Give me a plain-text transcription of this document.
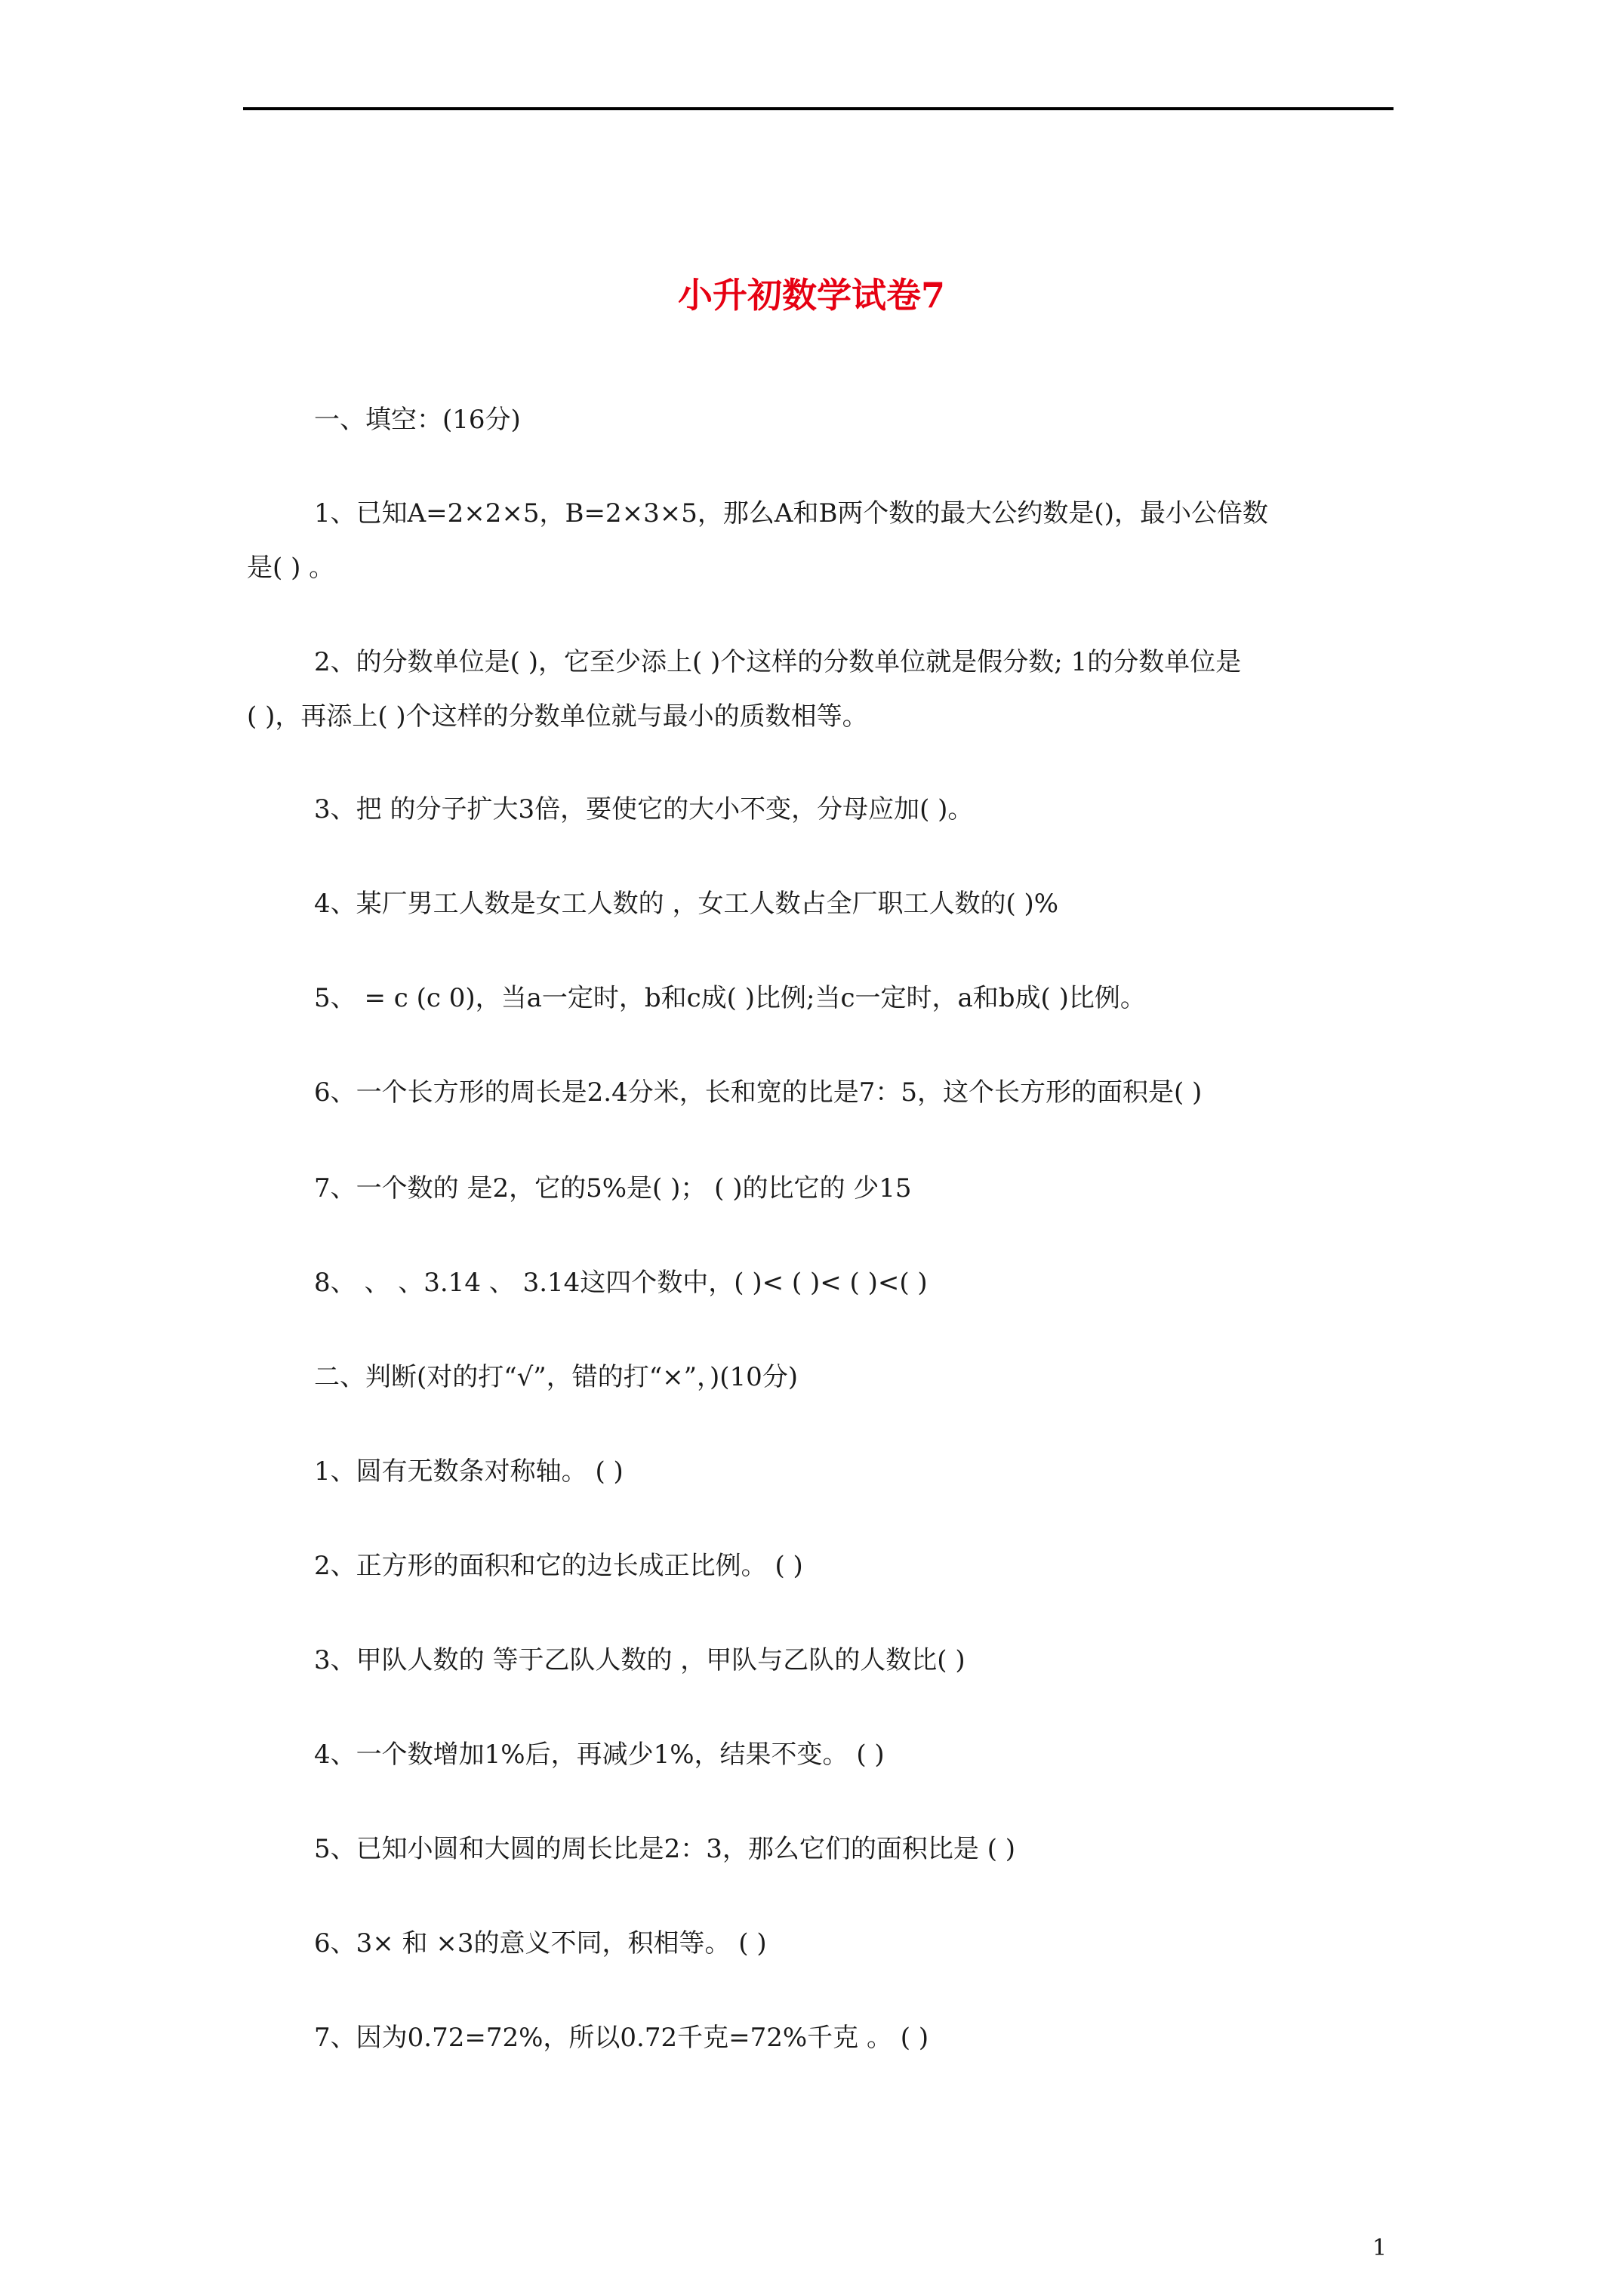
小升初数学试卷7
一、填空：(16分)
1、已知A=2×2×5，B=2×3×5，那么A和B两个数的最大公约数是()，最小公倍数
是( ) 。
2、的分数单位是( )，它至少添上( )个这样的分数单位就是假分数; 1的分数单位是
( )，再添上( )个这样的分数单位就与最小的质数相等。
3、把 的分子扩大3倍，要使它的大小不变，分母应加( )。
4、某厂男工人数是女工人数的 ，女工人数占全厂职工人数的( )%
5、 = c (c 0)，当a一定时，b和c成( )比例;当c一定时，a和b成( )比例。
6、一个长方形的周长是2.4分米，长和宽的比是7：5，这个长方形的面积是( )
7、一个数的 是2，它的5%是( )； ( )的比它的 少15
8、 、 、3.14 、 3.14这四个数中，( )< ( )< ( )<( )
二、判断(对的打“√”，错的打“×”，)(10分)
1、圆有无数条对称轴。 ( )
2、正方形的面积和它的边长成正比例。 ( )
3、甲队人数的 等于乙队人数的 ，甲队与乙队的人数比( )
4、一个数增加1%后，再减少1%，结果不变。 ( )
5、已知小圆和大圆的周长比是2：3，那么它们的面积比是 ( )
6、3× 和 ×3的意义不同，积相等。 ( )
7、因为0.72=72%，所以0.72千克=72%千克 。 ( )
1
